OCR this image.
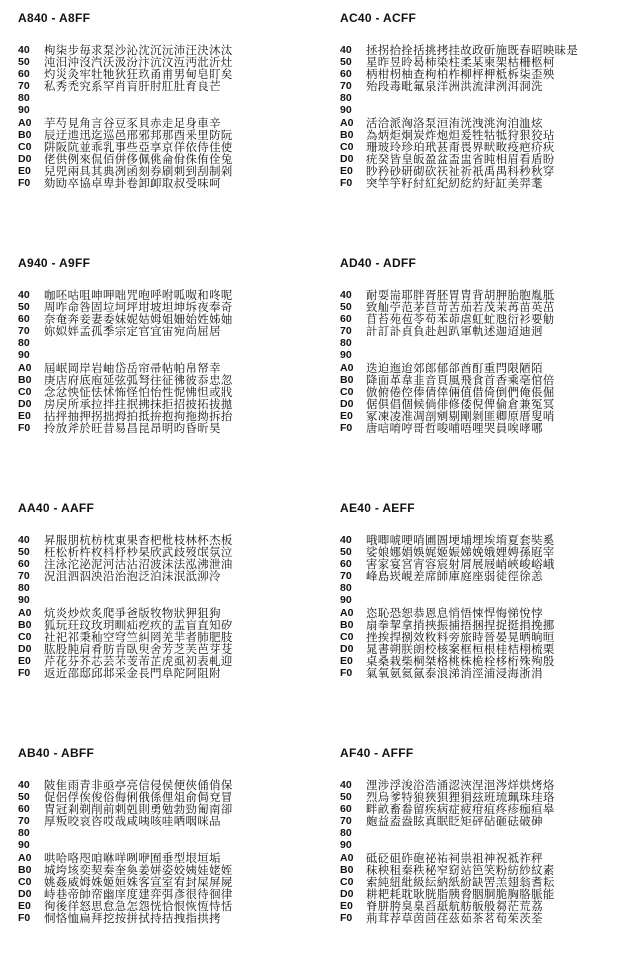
A840 - A8FF
40	枸柒步毎求泵沙沁沈沉沅沛汪決沐汰
50	沌汨沖沒汽沃汲汾汴沆汶沍沔沘沂灶
60	灼災灸牢牡牠狄狂玖甬甫男甸皂盯矣
70	私秀禿究系罕肖肓肝肘肛肚育良芒
80
90
A0	芋芍見角言谷豆豕貝赤走足身車辛
B0	辰迂迆迅迄巡邑邢邪邦那酉釆里防阮
C0	阱阪阬並乖乳事些亞享京佯依侍佳使
D0	佬供例來侃佰併侈佩佻侖佾侏侑佺兔
E0	兒兕兩具其典冽函刻券刷刺到刮制剁
F0	劾劻卒協卓卑卦卷卸卹取叔受味呵
AC40 - ACFF
40	拯拐拾拴括挑拷挂故政斫施既春昭映昧是
50	星昨昱昤曷柿染柱柔某柬架枯柵柩柯
60	柄柑枴柚查枸柏柞柳枰柙柢柝柒歪殃
70	殆段毒毗氟泉洋洲洪流津洌洱洞洗
80
90
A0	活洽派洶洛泵洹洧洸洩洮洵洎洫炫
B0	為炳炬炯炭炸炮炟爰牲牯牴狩狠狡玷
C0	珊玻玲珍珀玳甚甭畏界畎畋疫疤疥疢
D0	疣癸皆皇皈盈盆盃盅省盹相眉看盾盼
E0	眇矜砂研砌砍祆祉祈祇禹禺科秒秋穿
F0	突竿竽籽紂紅紀紉紇約紆缸美羿耄
A940 - A9FF
40	咖呸咕咀呻呷咄咒咆呼咐呱呶和咚呢
50	周咋命咎固垃坷坪坩坡坦坤坼夜奉奇
60	奈奄奔妾妻委妹妮姑姆姐姍始姓姊妯
70	妳姒姅孟孤季宗定官宜宙宛尚屈居
80
90
A0	屆岷岡岸岩岫岱岳帘帚帖帕帛帑幸
B0	庚店府底庖延弦弧弩往征彿彼忝忠忽
C0	念忿怏怔怯怵怖怪怕怡性怩怫怛或戕
D0	房戾所承拉拌拄抿拂抹拒招披拓拔拋
E0	拈抨抽押拐拙拇拍抵拚抱拘拖拗拆抬
F0	拎放斧於旺昔易昌昆昂明昀昏昕昊
AD40 - ADFF
40	耐耍耑耶胖胥胚胃胄背胡胛胎胞胤胝
50	致舢苧范茅苣苛苦茄若茂茉苒苗英茁
60	苜苔苑苞苓苟苯茆虐虹虻虺衍衫要觔
70	計訂訃貞負赴赳趴軍軌述迦迢迪迥
80
90
A0	迭迫迤迨郊郎郁郃酋酊重閂限陋陌
B0	降面革韋韭音頁風飛食首香乘亳倌倍
C0	倣俯倦倥俸倩倖倆值借倚倒們俺倀倔
D0	倨俱倡個候倘俳修倭倪俾倫倉兼冤冥
E0	冢凍凌准凋剖剜剔剛剝匪卿原厝叟哨
F0	唐唁唷哼哥哲唆哺唔哩哭員唉哮哪
AA40 - AAFF
40	昇服朋杭枋枕東果杳杷枇枝林杯杰板
50	枉松析杵枚枓杼杪杲欣武歧歿氓氛泣
60	注泳沱泌泥河沽沾沼波沫法泓沸泄油
70	況沮泗泅泱沿治泡泛泊沬泯泜泖泠
80
90
A0	炕炎炒炊炙爬爭爸版牧物狀狎狙狗
B0	狐玩玨玟玫玥甽疝疙疚的盂盲直知矽
C0	社祀祁秉秈空穹竺糾罔羌羋者肺肥肢
D0	肱股肫肩肴肪肯臥臾舍芳芝芙芭芽芟
E0	芹花芬芥芯芸芣芰芾芷虎虱初表軋迎
F0	返近邵邸邱邶采金長門阜陀阿阻附
AE40 - AEFF
40	哦唧唬哽哨圃圄埂埔埋埃堉夏套奘奚
50	娑娘娜娟娛娓姬娠娣娩娥娌娉孫屘宰
60	害家宴宮宵容宸射屑展屐峭峽峻峪峨
70	峰島崁峴差席師庫庭座弱徒徑徐恙
80
90
A0	恣恥恐恕恭恩息悄悟悚悍悔悌悅悖
B0	扇拳挈拿捎挾振捕捂捆捏捉挺捐挽挪
C0	挫挨捍捌效敉料旁旅時晉晏晃晒晌晅
D0	晁書朔朕朗校核案框桓根桂桔栩梳栗
E0	桌桑栽柴桐桀格桃株桅栓栘桁殊殉殷
F0	氣氧氨氦氤泰浪涕消涇浦浸海浙涓
AB40 - ABFF
40	陂隹雨青非亟亭亮信侵侯便俠俑俏保
50	促侶俘俟俊俗侮俐俄係俚俎俞侷兗冒
60	冑冠剎剃削前剌剋則勇勉勃勁匍南卻
70	厚叛咬哀咨哎哉咸咦咳哇哂咽咪品
80
90
A0	哄哈咯咫咱咻咩咧咿囿垂型垠垣垢
B0	城垮垓奕契奏奎奐姜姘姿姣姨娃姥姪
C0	姚姦威姆姝姬姮姝客宣室宥封屎屏屍
D0	峙巷帝帥帟幽庠度建弈弭彥很待徊律
E0	徇後徉怒思怠急怎怨恍恰恨恢恆恃恬
F0	恫恪恤扁拜挖按拼拭持拮拽指拱拷
AF40 - AFFF
40	浬涉浮浚浴浩涌涊浹涅浥涔烊烘烤烙
50	烈烏爹特狼狹狽狸狷玆班琉珮珠珪珞
60	畔畝畜畚留疾病症疲疳疽疼疹痂疸皋
70	皰益盍盎眩真眠眨矩砰砧砸砝破砷
80
90
A0	砥砭砠砟砲祕祐祠祟祖神祝祗祚秤
B0	秣秧租秦秩秘窄窈站笆笑粉紡紗紋素
C0	索純紐紕級紜納紙紛缺罟羔翅翁耆耘
D0	耕耙耗耽耿胱脂胰脅胭胴脆胸胳脈能
E0	脊胼胯臭臬舀舐航舫舨般芻茫荒荔
F0	荊茸荐草茵茴荏茲茹茶茗荀茱茨荃
